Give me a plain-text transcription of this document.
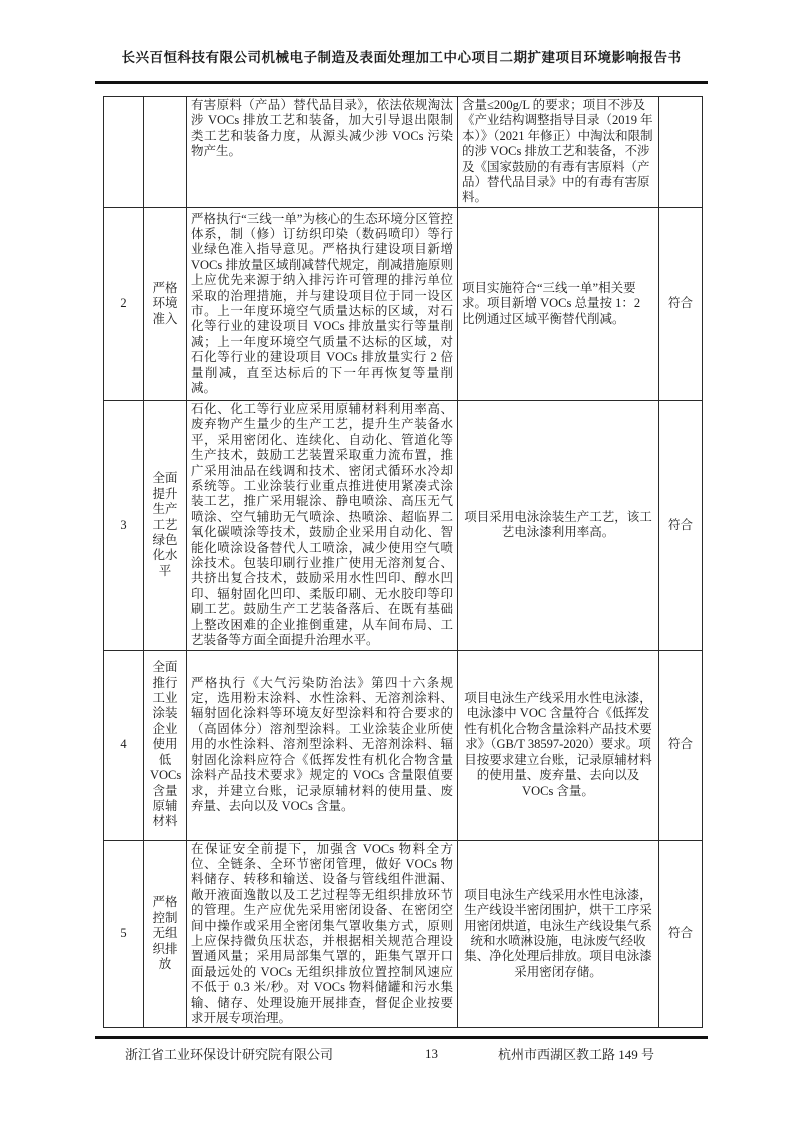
长兴百恒科技有限公司机械电子制造及表面处理加工中心项目二期扩建项目环境影响报告书
		有害原料（产品）替代品目录》，依法依规淘汰涉 VOCs 排放工艺和装备，加大引导退出限制类工艺和装备力度，从源头减少涉 VOCs 污染物产生。	含量≤200g/L 的要求；项目不涉及《产业结构调整指导目录（2019 年本）》（2021 年修正）中淘汰和限制的涉 VOCs 排放工艺和装备，不涉及《国家鼓励的有毒有害原料（产品）替代品目录》中的有毒有害原料。	
2	严格环境准入	严格执行“三线一单”为核心的生态环境分区管控体系，制（修）订纺织印染（数码喷印）等行业绿色准入指导意见。严格执行建设项目新增 VOCs 排放量区域削减替代规定，削减措施原则上应优先来源于纳入排污许可管理的排污单位采取的治理措施，并与建设项目位于同一设区市。上一年度环境空气质量达标的区域，对石化等行业的建设项目 VOCs 排放量实行等量削减；上一年度环境空气质量不达标的区域，对石化等行业的建设项目 VOCs 排放量实行 2 倍量削减，直至达标后的下一年再恢复等量削减。	项目实施符合“三线一单”相关要求。项目新增 VOCs 总量按 1：2 比例通过区域平衡替代削减。	符合
3	全面提升生产工艺绿色化水平	石化、化工等行业应采用原辅材料利用率高、废弃物产生量少的生产工艺，提升生产装备水平，采用密闭化、连续化、自动化、管道化等生产技术，鼓励工艺装置采取重力流布置，推广采用油品在线调和技术、密闭式循环水冷却系统等。工业涂装行业重点推进使用紧凑式涂装工艺，推广采用辊涂、静电喷涂、高压无气喷涂、空气辅助无气喷涂、热喷涂、超临界二氧化碳喷涂等技术，鼓励企业采用自动化、智能化喷涂设备替代人工喷涂，减少使用空气喷涂技术。包装印刷行业推广使用无溶剂复合、共挤出复合技术，鼓励采用水性凹印、醇水凹印、辐射固化凹印、柔版印刷、无水胶印等印刷工艺。鼓励生产工艺装备落后、在既有基础上整改困难的企业推倒重建，从车间布局、工艺装备等方面全面提升治理水平。	项目采用电泳涂装生产工艺，该工艺电泳漆利用率高。	符合
4	全面推行工业涂装企业使用低VOCs含量原辅材料	严格执行《大气污染防治法》第四十六条规定，选用粉末涂料、水性涂料、无溶剂涂料、辐射固化涂料等环境友好型涂料和符合要求的（高固体分）溶剂型涂料。工业涂装企业所使用的水性涂料、溶剂型涂料、无溶剂涂料、辐射固化涂料应符合《低挥发性有机化合物含量涂料产品技术要求》规定的 VOCs 含量限值要求，并建立台账，记录原辅材料的使用量、废弃量、去向以及 VOCs 含量。	项目电泳生产线采用水性电泳漆，电泳漆中 VOC 含量符合《低挥发性有机化合物含量涂料产品技术要求》（GB/T 38597-2020）要求。项目按要求建立台账，记录原辅材料的使用量、废弃量、去向以及 VOCs 含量。	符合
5	严格控制无组织排放	在保证安全前提下，加强含 VOCs 物料全方位、全链条、全环节密闭管理，做好 VOCs 物料储存、转移和输送、设备与管线组件泄漏、敞开液面逸散以及工艺过程等无组织排放环节的管理。生产应优先采用密闭设备、在密闭空间中操作或采用全密闭集气罩收集方式，原则上应保持微负压状态，并根据相关规范合理设置通风量；采用局部集气罩的，距集气罩开口面最远处的 VOCs 无组织排放位置控制风速应不低于 0.3 米/秒。对 VOCs 物料储罐和污水集输、储存、处理设施开展排查，督促企业按要求开展专项治理。	项目电泳生产线采用水性电泳漆，生产线设半密闭围护，烘干工序采用密闭烘道，电泳生产线设集气系统和水喷淋设施，电泳废气经收集、净化处理后排放。项目电泳漆采用密闭存储。	符合
浙江省工业环保设计研究院有限公司	13	杭州市西湖区教工路 149 号
